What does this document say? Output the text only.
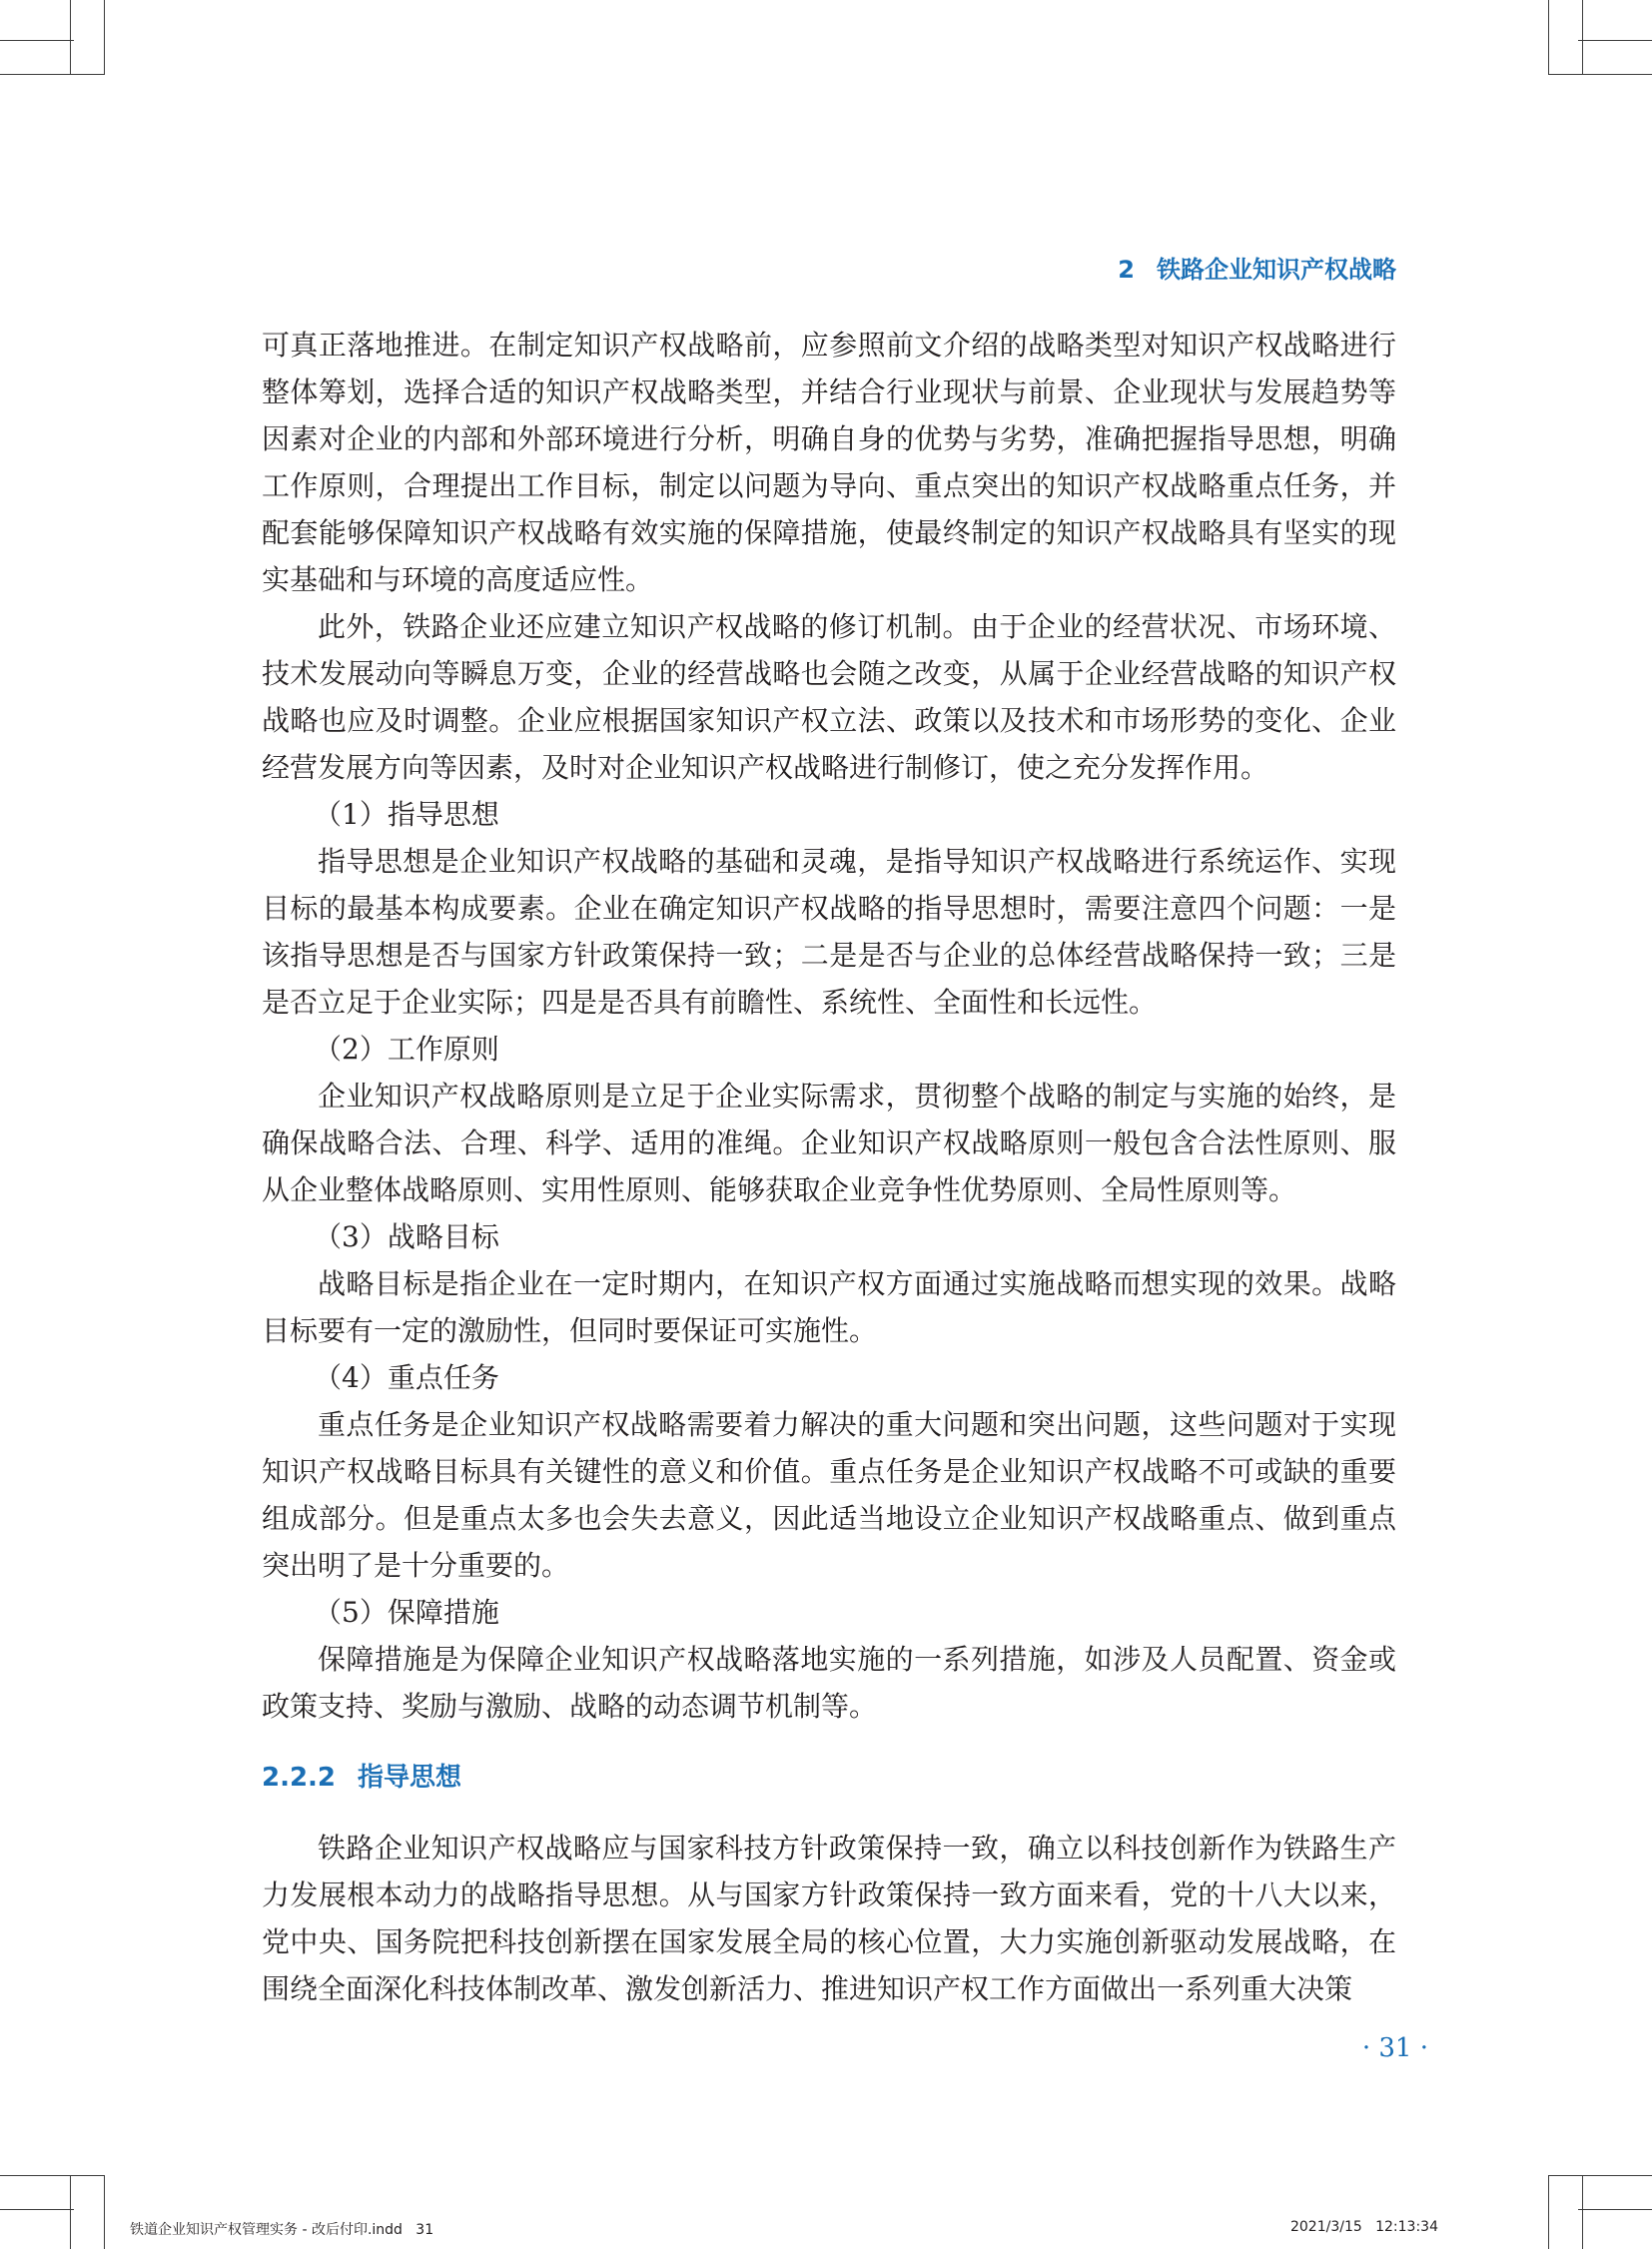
2 铁路企业知识产权战略

可真正落地推进。在制定知识产权战略前，应参照前文介绍的战略类型对知识产权战略进行整体筹划，选择合适的知识产权战略类型，并结合行业现状与前景、企业现状与发展趋势等因素对企业的内部和外部环境进行分析，明确自身的优势与劣势，准确把握指导思想，明确工作原则，合理提出工作目标，制定以问题为导向、重点突出的知识产权战略重点任务，并配套能够保障知识产权战略有效实施的保障措施，使最终制定的知识产权战略具有坚实的现实基础和与环境的高度适应性。

此外，铁路企业还应建立知识产权战略的修订机制。由于企业的经营状况、市场环境、技术发展动向等瞬息万变，企业的经营战略也会随之改变，从属于企业经营战略的知识产权战略也应及时调整。企业应根据国家知识产权立法、政策以及技术和市场形势的变化、企业经营发展方向等因素，及时对企业知识产权战略进行制修订，使之充分发挥作用。

（1）指导思想

指导思想是企业知识产权战略的基础和灵魂，是指导知识产权战略进行系统运作、实现目标的最基本构成要素。企业在确定知识产权战略的指导思想时，需要注意四个问题：一是该指导思想是否与国家方针政策保持一致；二是是否与企业的总体经营战略保持一致；三是是否立足于企业实际；四是是否具有前瞻性、系统性、全面性和长远性。

（2）工作原则

企业知识产权战略原则是立足于企业实际需求，贯彻整个战略的制定与实施的始终，是确保战略合法、合理、科学、适用的准绳。企业知识产权战略原则一般包含合法性原则、服从企业整体战略原则、实用性原则、能够获取企业竞争性优势原则、全局性原则等。

（3）战略目标

战略目标是指企业在一定时期内，在知识产权方面通过实施战略而想实现的效果。战略目标要有一定的激励性，但同时要保证可实施性。

（4）重点任务

重点任务是企业知识产权战略需要着力解决的重大问题和突出问题，这些问题对于实现知识产权战略目标具有关键性的意义和价值。重点任务是企业知识产权战略不可或缺的重要组成部分。但是重点太多也会失去意义，因此适当地设立企业知识产权战略重点、做到重点突出明了是十分重要的。

（5）保障措施

保障措施是为保障企业知识产权战略落地实施的一系列措施，如涉及人员配置、资金或政策支持、奖励与激励、战略的动态调节机制等。

2.2.2 指导思想

铁路企业知识产权战略应与国家科技方针政策保持一致，确立以科技创新作为铁路生产力发展根本动力的战略指导思想。从与国家方针政策保持一致方面来看，党的十八大以来，党中央、国务院把科技创新摆在国家发展全局的核心位置，大力实施创新驱动发展战略，在围绕全面深化科技体制改革、激发创新活力、推进知识产权工作方面做出一系列重大决策

· 31 ·
铁道企业知识产权管理实务 - 改后付印.indd   31	2021/3/15   12:13:34
